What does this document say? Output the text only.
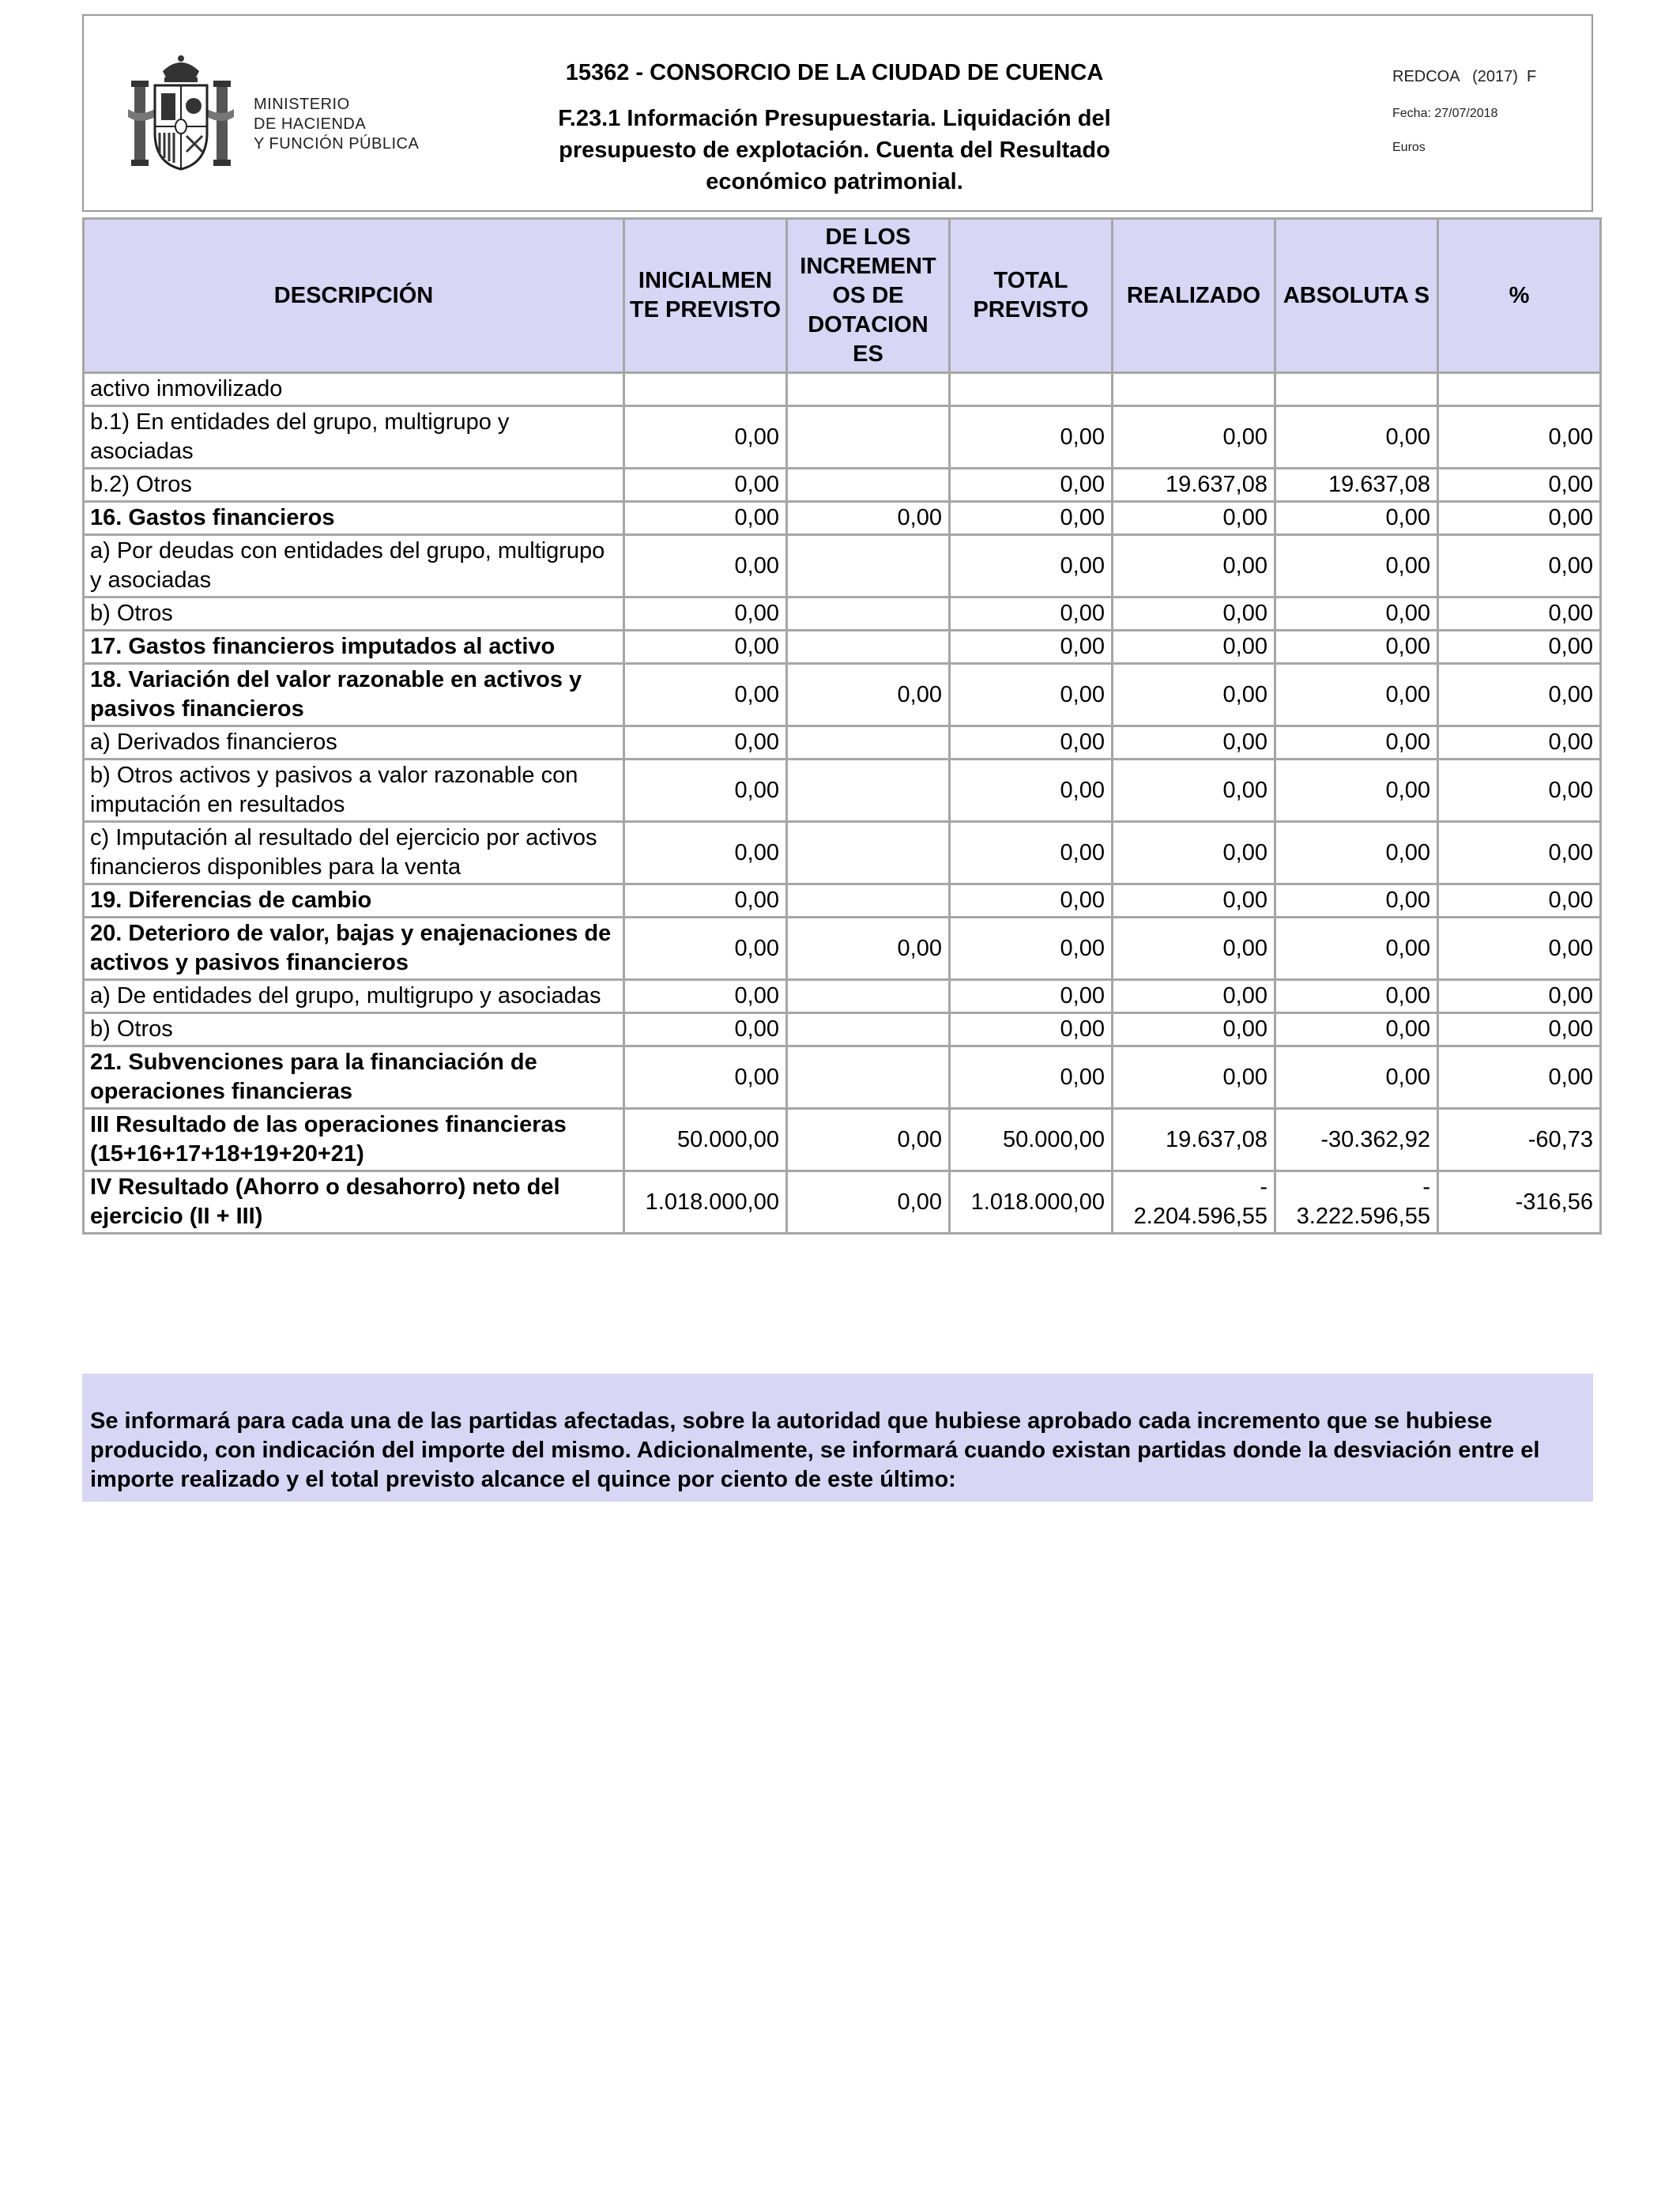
MINISTERIO
DE HACIENDA
Y FUNCIÓN PÚBLICA
15362 - CONSORCIO DE LA CIUDAD DE CUENCA
F.23.1 Información Presupuestaria. Liquidación del presupuesto de explotación. Cuenta del Resultado económico patrimonial.
REDCOA   (2017)  F
Fecha: 27/07/2018
Euros
DESCRIPCIÓN	INICIALMEN TE PREVISTO	DE LOS INCREMENT OS DE DOTACION ES	TOTAL PREVISTO	REALIZADO	ABSOLUTA S	%
activo inmovilizado						
b.1) En entidades del grupo, multigrupo y asociadas	0,00		0,00	0,00	0,00	0,00
b.2) Otros	0,00		0,00	19.637,08	19.637,08	0,00
16. Gastos financieros	0,00	0,00	0,00	0,00	0,00	0,00
a) Por deudas con entidades del grupo, multigrupo y asociadas	0,00		0,00	0,00	0,00	0,00
b) Otros	0,00		0,00	0,00	0,00	0,00
17. Gastos financieros imputados al activo	0,00		0,00	0,00	0,00	0,00
18. Variación del valor razonable en activos y pasivos financieros	0,00	0,00	0,00	0,00	0,00	0,00
a) Derivados financieros	0,00		0,00	0,00	0,00	0,00
b) Otros activos y pasivos a valor razonable con imputación en resultados	0,00		0,00	0,00	0,00	0,00
c) Imputación al resultado del ejercicio por activos financieros disponibles para la venta	0,00		0,00	0,00	0,00	0,00
19. Diferencias de cambio	0,00		0,00	0,00	0,00	0,00
20. Deterioro de valor, bajas y enajenaciones de activos y pasivos financieros	0,00	0,00	0,00	0,00	0,00	0,00
a) De entidades del grupo, multigrupo y asociadas	0,00		0,00	0,00	0,00	0,00
b) Otros	0,00		0,00	0,00	0,00	0,00
21. Subvenciones para la financiación de operaciones financieras	0,00		0,00	0,00	0,00	0,00
III Resultado de las operaciones financieras (15+16+17+18+19+20+21)	50.000,00	0,00	50.000,00	19.637,08	-30.362,92	-60,73
IV Resultado (Ahorro o desahorro) neto del ejercicio (II + III)	1.018.000,00	0,00	1.018.000,00	- 2.204.596,55	- 3.222.596,55	-316,56
Se informará para cada una de las partidas afectadas, sobre la autoridad que hubiese aprobado cada incremento que se hubiese producido, con indicación del importe del mismo. Adicionalmente, se informará cuando existan partidas donde la desviación entre el importe realizado y el total previsto alcance el quince por ciento de este último:
